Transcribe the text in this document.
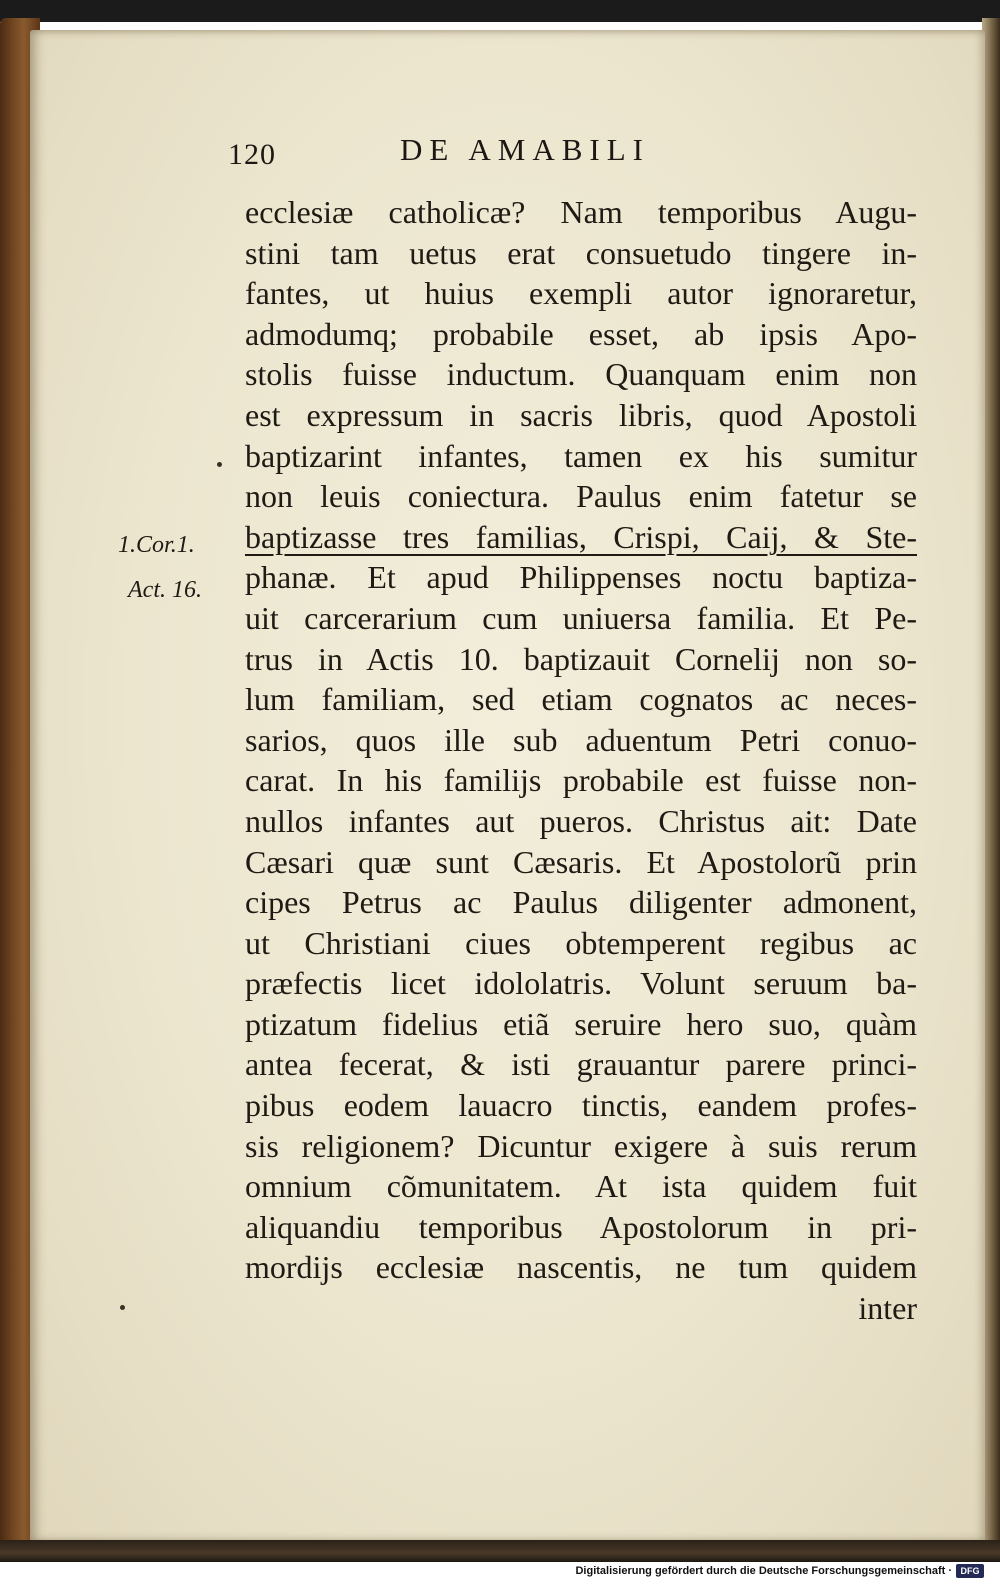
120	DE AMABILI
1.Cor.1.
Act. 16.
ecclesiæ catholicæ? Nam temporibus Augu-
stini tam uetus erat consuetudo tingere in-
fantes, ut huius exempli autor ignoraretur,
admodumq; probabile esset, ab ipsis Apo-
stolis fuisse inductum. Quanquam enim non
est expressum in sacris libris, quod Apostoli
baptizarint infantes, tamen ex his sumitur
non leuis coniectura. Paulus enim fatetur se
baptizasse tres familias, Crispi, Caij, & Ste-
phanæ. Et apud Philippenses noctu baptiza-
uit carcerarium cum uniuersa familia. Et Pe-
trus in Actis 10. baptizauit Cornelij non so-
lum familiam, sed etiam cognatos ac neces-
sarios, quos ille sub aduentum Petri conuo-
carat. In his familijs probabile est fuisse non-
nullos infantes aut pueros. Christus ait: Date
Cæsari quæ sunt Cæsaris. Et Apostolorũ prin
cipes Petrus ac Paulus diligenter admonent,
ut Christiani ciues obtemperent regibus ac
præfectis licet idololatris. Volunt seruum ba-
ptizatum fidelius etiã seruire hero suo, quàm
antea fecerat, & isti grauantur parere princi-
pibus eodem lauacro tinctis, eandem profes-
sis religionem? Dicuntur exigere à suis rerum
omnium cõmunitatem. At ista quidem fuit
aliquandiu temporibus Apostolorum in pri-
mordijs ecclesiæ nascentis, ne tum quidem
inter
Digitalisierung gefördert durch die Deutsche Forschungsgemeinschaft · DFG
